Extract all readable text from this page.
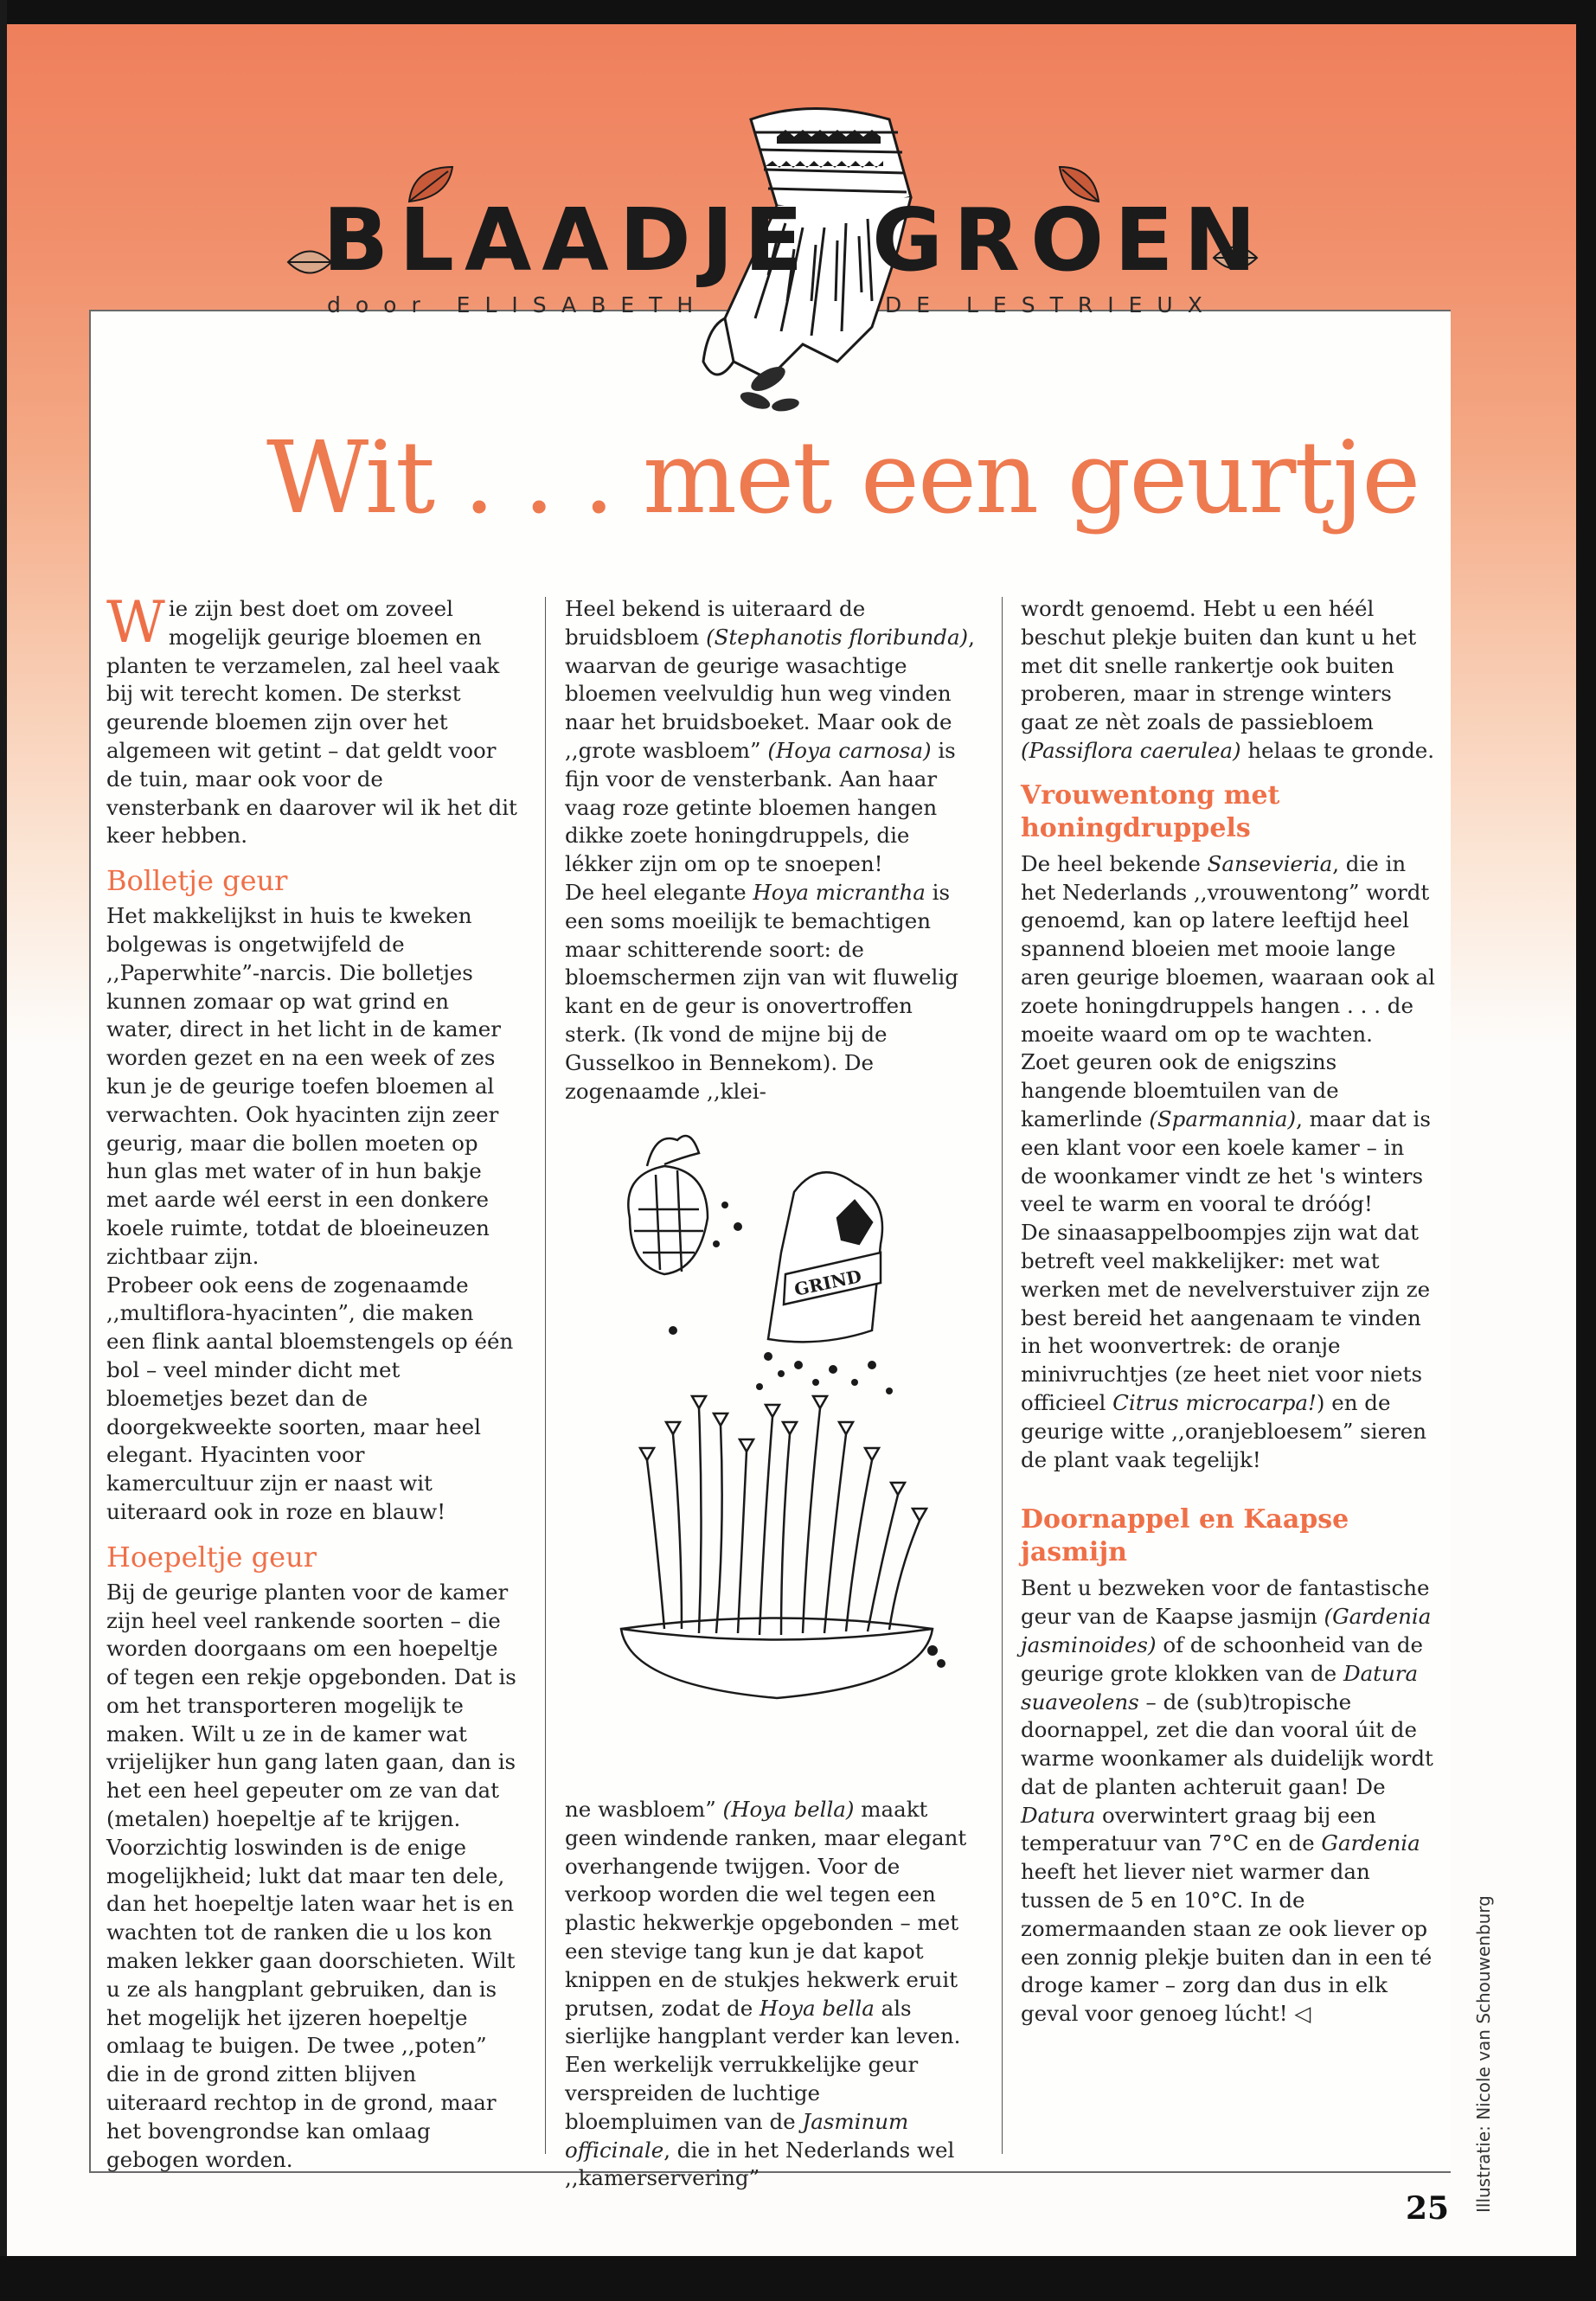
BLAADJE GROEN
door ELISABETH	DE LESTRIEUX
Wit . . . met een geurtje

Wie zijn best doet om zoveel mogelijk geurige bloemen en planten te verzamelen, zal heel vaak bij wit terecht komen. De sterkst geurende bloemen zijn over het algemeen wit getint – dat geldt voor de tuin, maar ook voor de vensterbank en daarover wil ik het dit keer hebben.

Bolletje geur

Het makkelijkst in huis te kweken bolgewas is ongetwijfeld de ,,Paperwhite”-narcis. Die bolletjes kunnen zomaar op wat grind en water, direct in het licht in de kamer worden gezet en na een week of zes kun je de geurige toefen bloemen al verwachten. Ook hyacinten zijn zeer geurig, maar die bollen moeten op hun glas met water of in hun bakje met aarde wél eerst in een donkere koele ruimte, totdat de bloeineuzen zichtbaar zijn.

Probeer ook eens de zogenaamde ,,multiflora-hyacinten”, die maken een flink aantal bloemstengels op één bol – veel minder dicht met bloemetjes bezet dan de doorgekweekte soorten, maar heel elegant. Hyacinten voor kamercultuur zijn er naast wit uiteraard ook in roze en blauw!

Hoepeltje geur

Bij de geurige planten voor de kamer zijn heel veel rankende soorten – die worden doorgaans om een hoepeltje of tegen een rekje opgebonden. Dat is om het transporteren mogelijk te maken. Wilt u ze in de kamer wat vrijelijker hun gang laten gaan, dan is het een heel gepeuter om ze van dat (metalen) hoepeltje af te krijgen. Voorzichtig loswinden is de enige mogelijkheid; lukt dat maar ten dele, dan het hoepeltje laten waar het is en wachten tot de ranken die u los kon maken lekker gaan doorschieten. Wilt u ze als hangplant gebruiken, dan is het mogelijk het ijzeren hoepeltje omlaag te buigen. De twee ,,poten” die in de grond zitten blijven uiteraard rechtop in de grond, maar het bovengrondse kan omlaag gebogen worden.

Heel bekend is uiteraard de bruidsbloem (Stephanotis floribunda), waarvan de geurige wasachtige bloemen veelvuldig hun weg vinden naar het bruidsboeket. Maar ook de ,,grote wasbloem” (Hoya carnosa) is fijn voor de vensterbank. Aan haar vaag roze getinte bloemen hangen dikke zoete honingdruppels, die lékker zijn om op te snoepen!

De heel elegante Hoya micrantha is een soms moeilijk te bemachtigen maar schitterende soort: de bloemschermen zijn van wit fluwelig kant en de geur is onovertroffen sterk. (Ik vond de mijne bij de Gusselkoo in Bennekom). De zogenaamde ,,klei-

GRIND

ne wasbloem” (Hoya bella) maakt geen windende ranken, maar elegant overhangende twijgen. Voor de verkoop worden die wel tegen een plastic hekwerkje opgebonden – met een stevige tang kun je dat kapot knippen en de stukjes hekwerk eruit prutsen, zodat de Hoya bella als sierlijke hangplant verder kan leven.

Een werkelijk verrukkelijke geur verspreiden de luchtige bloempluimen van de Jasminum officinale, die in het Nederlands wel ,,kamerservering”

wordt genoemd. Hebt u een héél beschut plekje buiten dan kunt u het met dit snelle rankertje ook buiten proberen, maar in strenge winters gaat ze nèt zoals de passiebloem (Passiflora caerulea) helaas te gronde.

Vrouwentong met honingdruppels

De heel bekende Sansevieria, die in het Nederlands ,,vrouwentong” wordt genoemd, kan op latere leeftijd heel spannend bloeien met mooie lange aren geurige bloemen, waaraan ook al zoete honingdruppels hangen . . . de moeite waard om op te wachten.

Zoet geuren ook de enigszins hangende bloemtuilen van de kamerlinde (Sparmannia), maar dat is een klant voor een koele kamer – in de woonkamer vindt ze het 's winters veel te warm en vooral te dróóg!

De sinaasappelboompjes zijn wat dat betreft veel makkelijker: met wat werken met de nevelverstuiver zijn ze best bereid het aangenaam te vinden in het woonvertrek: de oranje minivruchtjes (ze heet niet voor niets officieel Citrus microcarpa!) en de geurige witte ,,oranjebloesem” sieren de plant vaak tegelijk!

Doornappel en Kaapse jasmijn

Bent u bezweken voor de fantastische geur van de Kaapse jasmijn (Gardenia jasminoides) of de schoonheid van de geurige grote klokken van de Datura suaveolens – de (sub)tropische doornappel, zet die dan vooral úit de warme woonkamer als duidelijk wordt dat de planten achteruit gaan! De Datura overwintert graag bij een temperatuur van 7°C en de Gardenia heeft het liever niet warmer dan tussen de 5 en 10°C. In de zomermaanden staan ze ook liever op een zonnig plekje buiten dan in een té droge kamer – zorg dan dus in elk geval voor genoeg lúcht! ◁	Illustratie: Nicole van Schouwenburg
25
